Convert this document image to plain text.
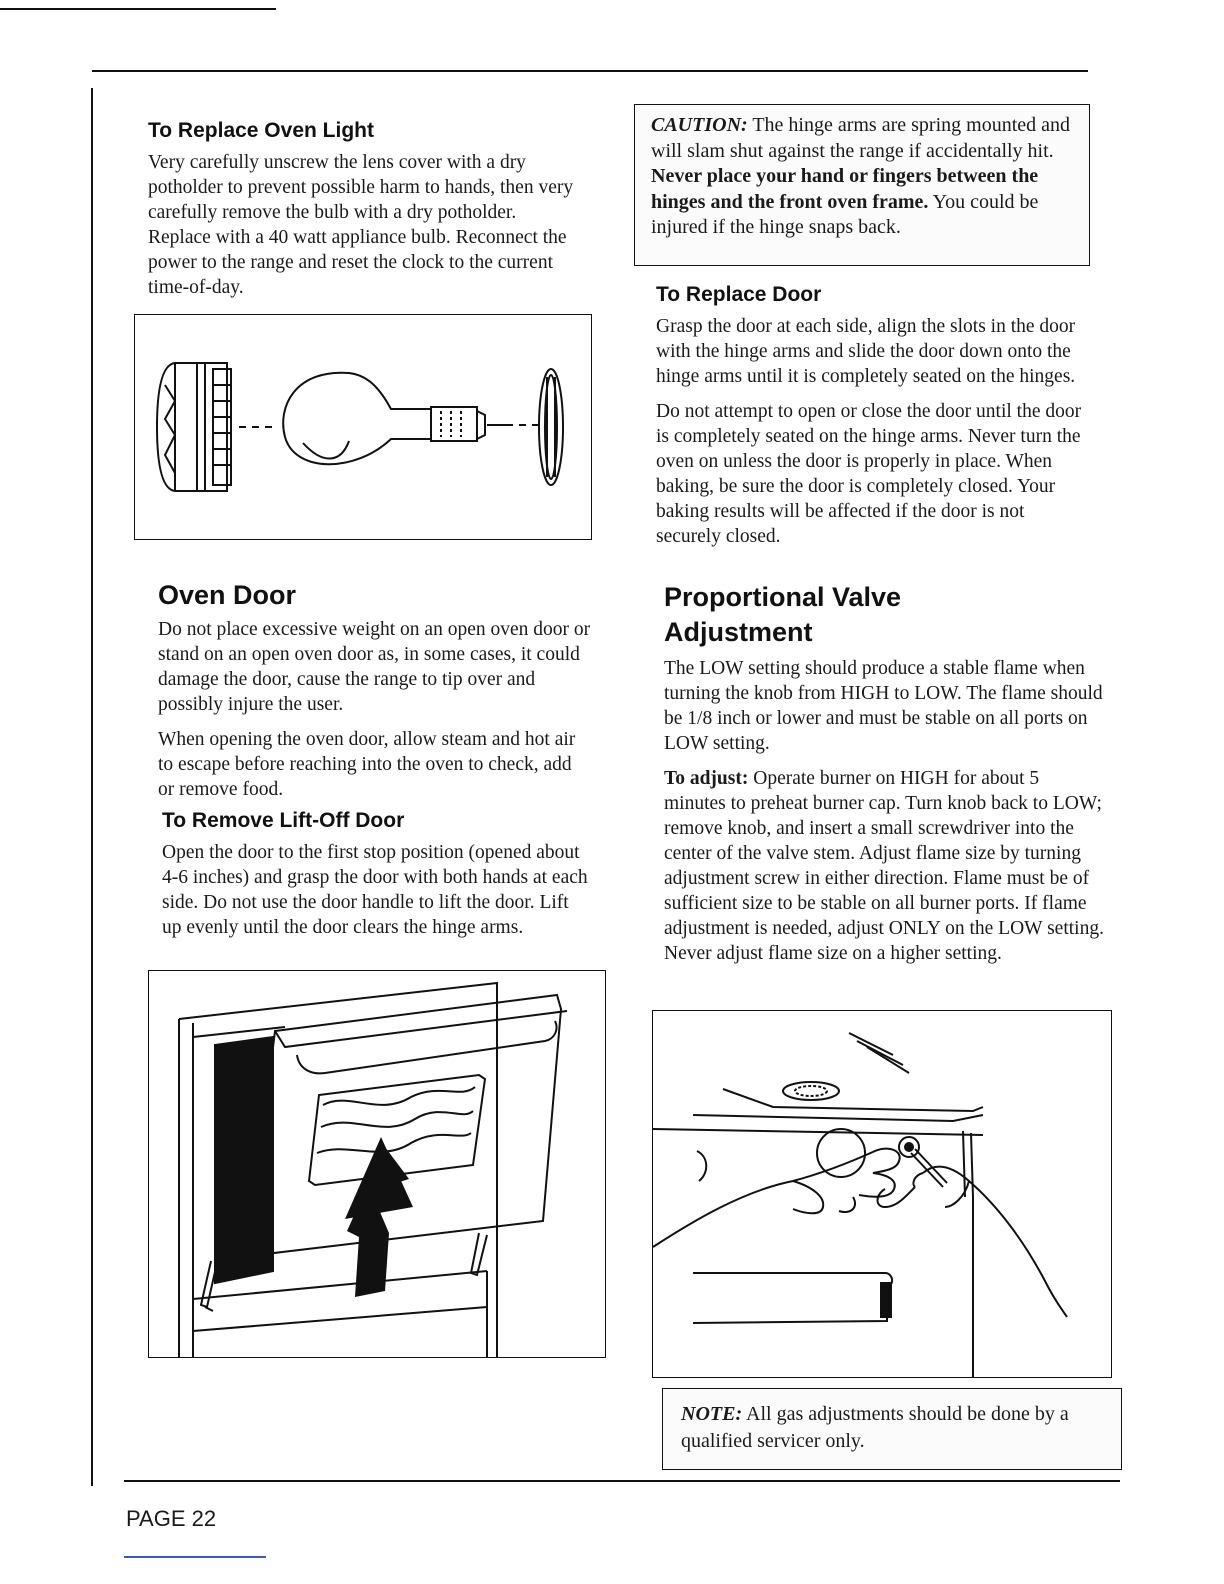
To Replace Oven Light

Very carefully unscrew the lens cover with a dry potholder to prevent possible harm to hands, then very carefully remove the bulb with a dry potholder. Replace with a 40 watt appliance bulb. Reconnect the power to the range and reset the clock to the current time-of-day.

Oven Door

Do not place excessive weight on an open oven door or stand on an open oven door as, in some cases, it could damage the door, cause the range to tip over and possibly injure the user.

When opening the oven door, allow steam and hot air to escape before reaching into the oven to check, add or remove food.

To Remove Lift-Off Door

Open the door to the first stop position (opened about 4-6 inches) and grasp the door with both hands at each side. Do not use the door handle to lift the door. Lift up evenly until the door clears the hinge arms.

CAUTION: The hinge arms are spring mounted and will slam shut against the range if accidentally hit. Never place your hand or fingers between the hinges and the front oven frame. You could be injured if the hinge snaps back.
To Replace Door

Grasp the door at each side, align the slots in the door with the hinge arms and slide the door down onto the hinge arms until it is completely seated on the hinges.

Do not attempt to open or close the door until the door is completely seated on the hinge arms. Never turn the oven on unless the door is properly in place. When baking, be sure the door is completely closed. Your baking results will be affected if the door is not securely closed.

Proportional Valve
Adjustment

The LOW setting should produce a stable flame when turning the knob from HIGH to LOW. The flame should be 1/8 inch or lower and must be stable on all ports on LOW setting.

To adjust: Operate burner on HIGH for about 5 minutes to preheat burner cap. Turn knob back to LOW; remove knob, and insert a small screwdriver into the center of the valve stem. Adjust flame size by turning adjustment screw in either direction. Flame must be of sufficient size to be stable on all burner ports. If flame adjustment is needed, adjust ONLY on the LOW setting. Never adjust flame size on a higher setting.

NOTE: All gas adjustments should be done by a qualified servicer only.
PAGE 22
